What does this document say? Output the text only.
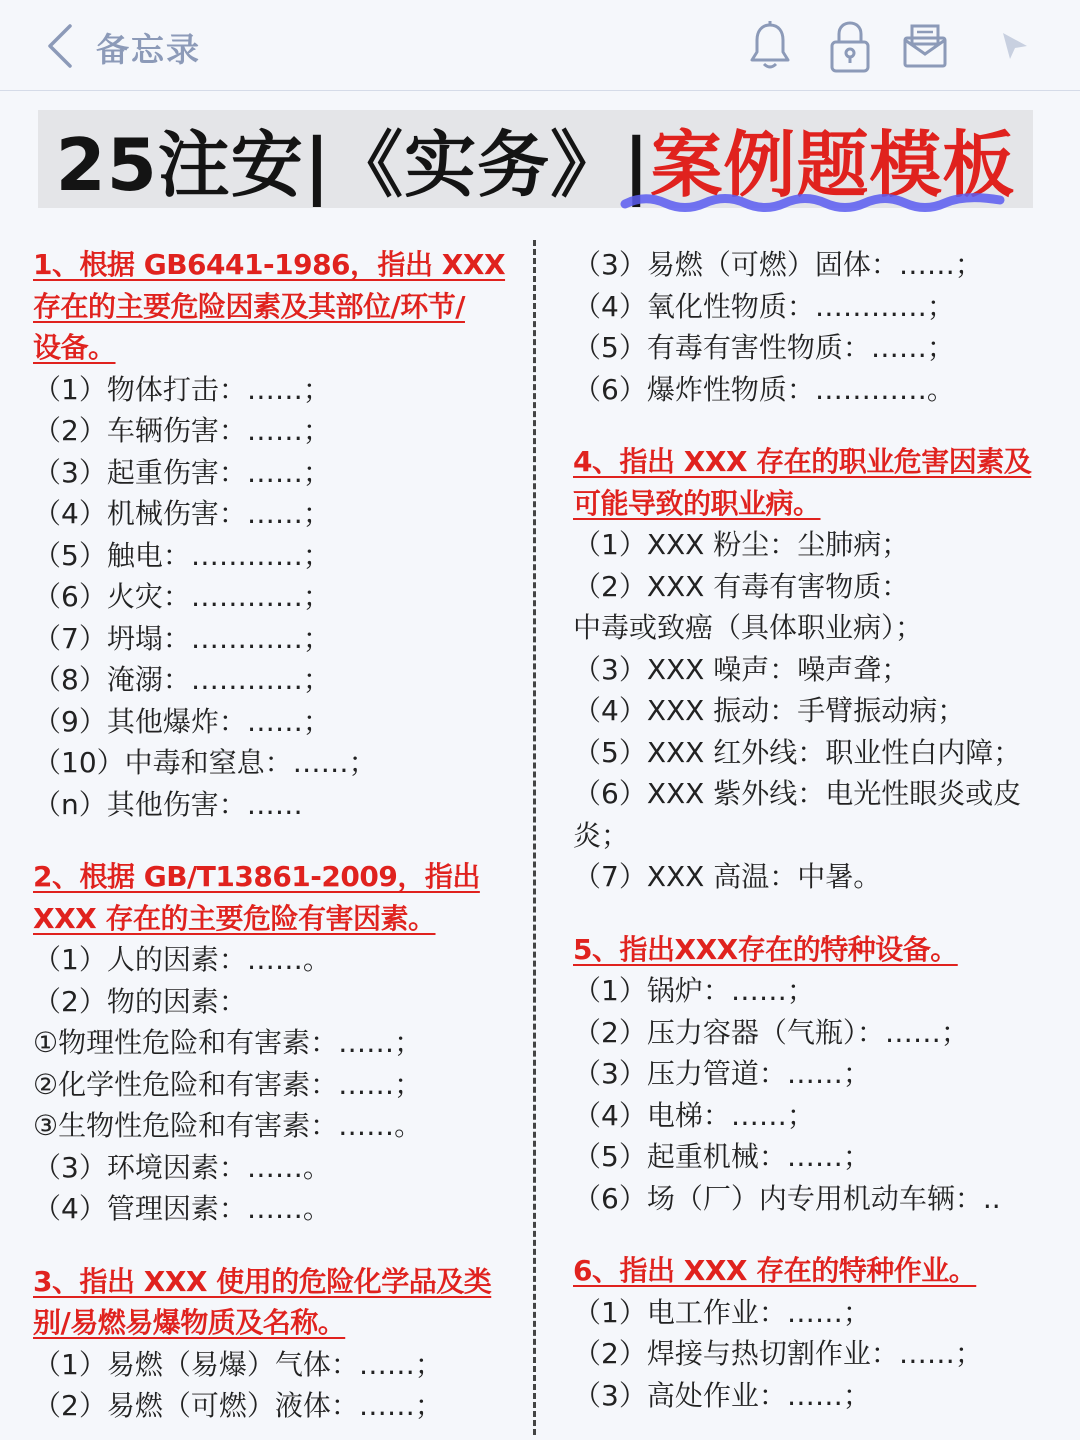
备忘录
25注安|《实务》| 案例题模板

1、根据 GB6441-1986，指出 XXX

存在的主要危险因素及其部位/环节/

设备。

（1）物体打击：……；

（2）车辆伤害：……；

（3）起重伤害：……；

（4）机械伤害：……；

（5）触电：…………；

（6）火灾：…………；

（7）坍塌：…………；

（8）淹溺：…………；

（9）其他爆炸：……；

（10）中毒和窒息：……；

（n）其他伤害：……

2、根据 GB/T13861-2009，指出

XXX 存在的主要危险有害因素。

（1）人的因素：……。

（2）物的因素：

①物理性危险和有害素：……；

②化学性危险和有害素：……；

③生物性危险和有害素：……。

（3）环境因素：……。

（4）管理因素：……。

3、指出 XXX 使用的危险化学品及类

别/易燃易爆物质及名称。

（1）易燃（易爆）气体：……；

（2）易燃（可燃）液体：……；

（3）易燃（可燃）固体：……；

（4）氧化性物质：…………；

（5）有毒有害性物质：……；

（6）爆炸性物质：…………。

4、指出 XXX 存在的职业危害因素及

可能导致的职业病。

（1）XXX 粉尘：尘肺病；

（2）XXX 有毒有害物质：

中毒或致癌（具体职业病）；

（3）XXX 噪声：噪声聋；

（4）XXX 振动：手臂振动病；

（5）XXX 红外线：职业性白内障；

（6）XXX 紫外线：电光性眼炎或皮

炎；

（7）XXX 高温：中暑。

5、指出XXX存在的特种设备。

（1）锅炉：……；

（2）压力容器（气瓶）：……；

（3）压力管道：……；

（4）电梯：……；

（5）起重机械：……；

（6）场（厂）内专用机动车辆：..

6、指出 XXX 存在的特种作业。

（1）电工作业：……；

（2）焊接与热切割作业：……；

（3）高处作业：……；
